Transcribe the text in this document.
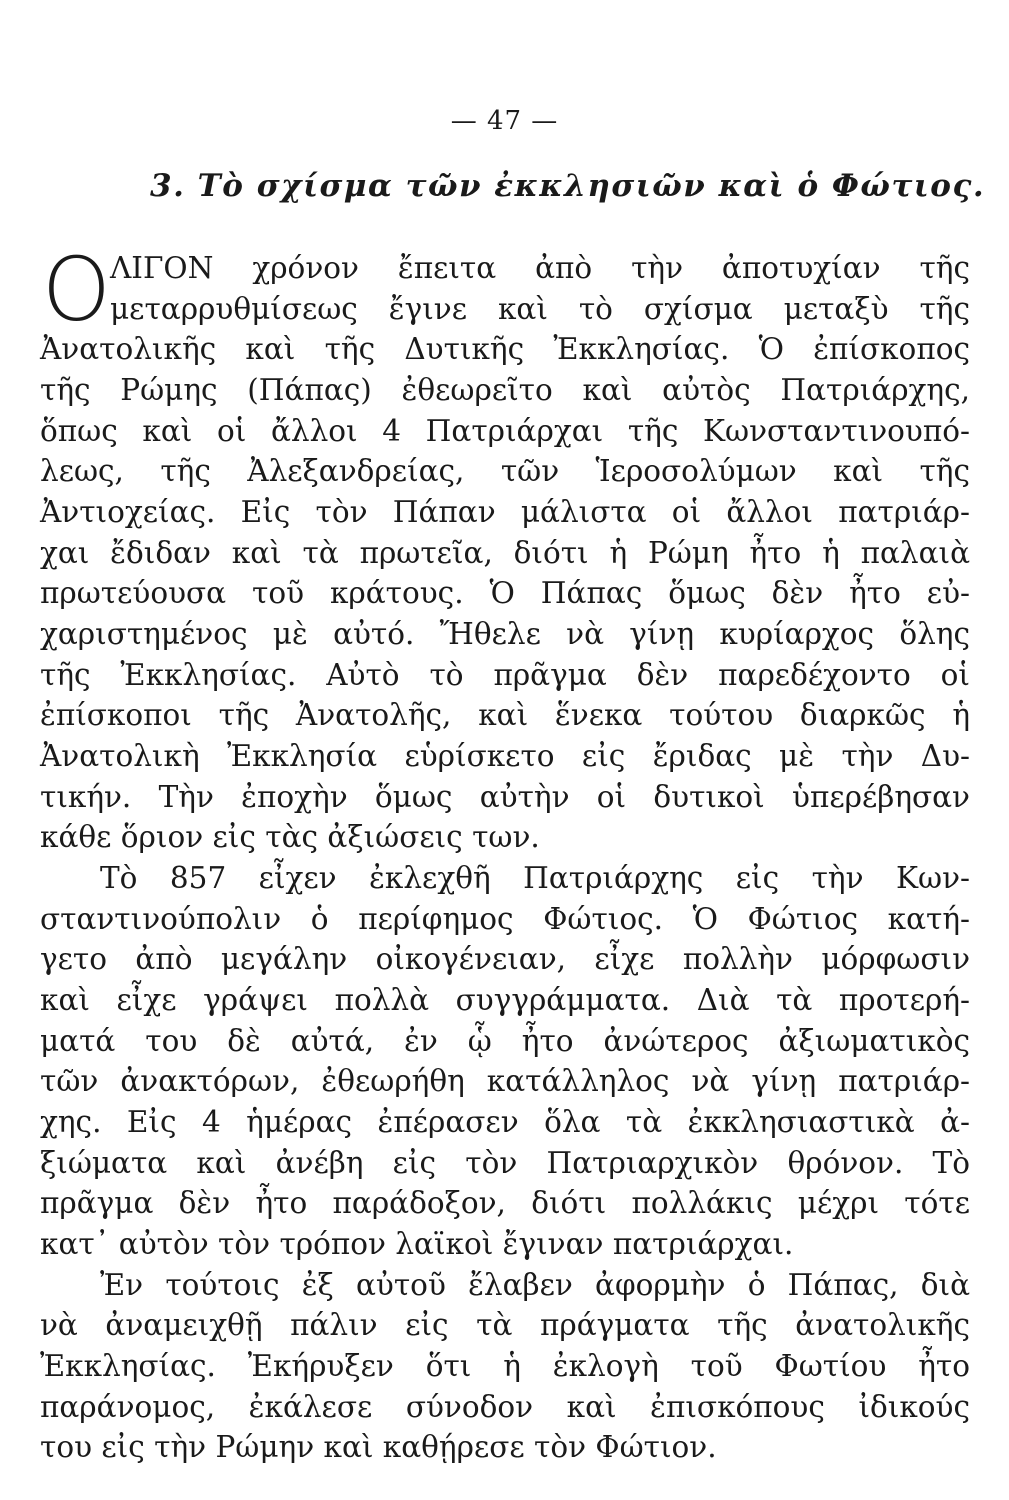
— 47 —
3. Τὸ σχίσμα τῶν ἐκκλησιῶν καὶ ὁ Φώτιος.
Ο ΛΙΓΟΝ χρόνον ἔπειτα ἀπὸ τὴν ἀποτυχίαν τῆς
μεταρρυθμίσεως ἔγινε καὶ τὸ σχίσμα μεταξὺ τῆς
Ἀνατολικῆς καὶ τῆς Δυτικῆς Ἐκκλησίας. Ὁ ἐπίσκοπος
τῆς Ρώμης (Πάπας) ἐθεωρεῖτο καὶ αὐτὸς Πατριάρχης,
ὅπως καὶ οἱ ἄλλοι 4 Πατριάρχαι τῆς Κωνσταντινουπό-
λεως, τῆς Ἀλεξανδρείας, τῶν Ἱεροσολύμων καὶ τῆς
Ἀντιοχείας. Εἰς τὸν Πάπαν μάλιστα οἱ ἄλλοι πατριάρ-
χαι ἔδιδαν καὶ τὰ πρωτεῖα, διότι ἡ Ρώμη ἦτο ἡ παλαιὰ
πρωτεύουσα τοῦ κράτους. Ὁ Πάπας ὅμως δὲν ἦτο εὐ-
χαριστημένος μὲ αὐτό. Ἤθελε νὰ γίνῃ κυρίαρχος ὅλης
τῆς Ἐκκλησίας. Αὐτὸ τὸ πρᾶγμα δὲν παρεδέχοντο οἱ
ἐπίσκοποι τῆς Ἀνατολῆς, καὶ ἕνεκα τούτου διαρκῶς ἡ
Ἀνατολικὴ Ἐκκλησία εὑρίσκετο εἰς ἔριδας μὲ τὴν Δυ-
τικήν. Τὴν ἐποχὴν ὅμως αὐτὴν οἱ δυτικοὶ ὑπερέβησαν
κάθε ὅριον εἰς τὰς ἀξιώσεις των.
Τὸ 857 εἶχεν ἐκλεχθῆ Πατριάρχης εἰς τὴν Κων-
σταντινούπολιν ὁ περίφημος Φώτιος. Ὁ Φώτιος κατή-
γετο ἀπὸ μεγάλην οἰκογένειαν, εἶχε πολλὴν μόρφωσιν
καὶ εἶχε γράψει πολλὰ συγγράμματα. Διὰ τὰ προτερή-
ματά του δὲ αὐτά, ἐν ᾧ ἦτο ἀνώτερος ἀξιωματικὸς
τῶν ἀνακτόρων, ἐθεωρήθη κατάλληλος νὰ γίνῃ πατριάρ-
χης. Εἰς 4 ἡμέρας ἐπέρασεν ὅλα τὰ ἐκκλησιαστικὰ ἀ-
ξιώματα καὶ ἀνέβη εἰς τὸν Πατριαρχικὸν θρόνον. Τὸ
πρᾶγμα δὲν ἦτο παράδοξον, διότι πολλάκις μέχρι τότε
κατ᾿ αὐτὸν τὸν τρόπον λαϊκοὶ ἔγιναν πατριάρχαι.
Ἐν τούτοις ἐξ αὐτοῦ ἔλαβεν ἀφορμὴν ὁ Πάπας, διὰ
νὰ ἀναμειχθῇ πάλιν εἰς τὰ πράγματα τῆς ἀνατολικῆς
Ἐκκλησίας. Ἐκήρυξεν ὅτι ἡ ἐκλογὴ τοῦ Φωτίου ἦτο
παράνομος, ἐκάλεσε σύνοδον καὶ ἐπισκόπους ἰδικούς
του εἰς τὴν Ρώμην καὶ καθῄρεσε τὸν Φώτιον.
